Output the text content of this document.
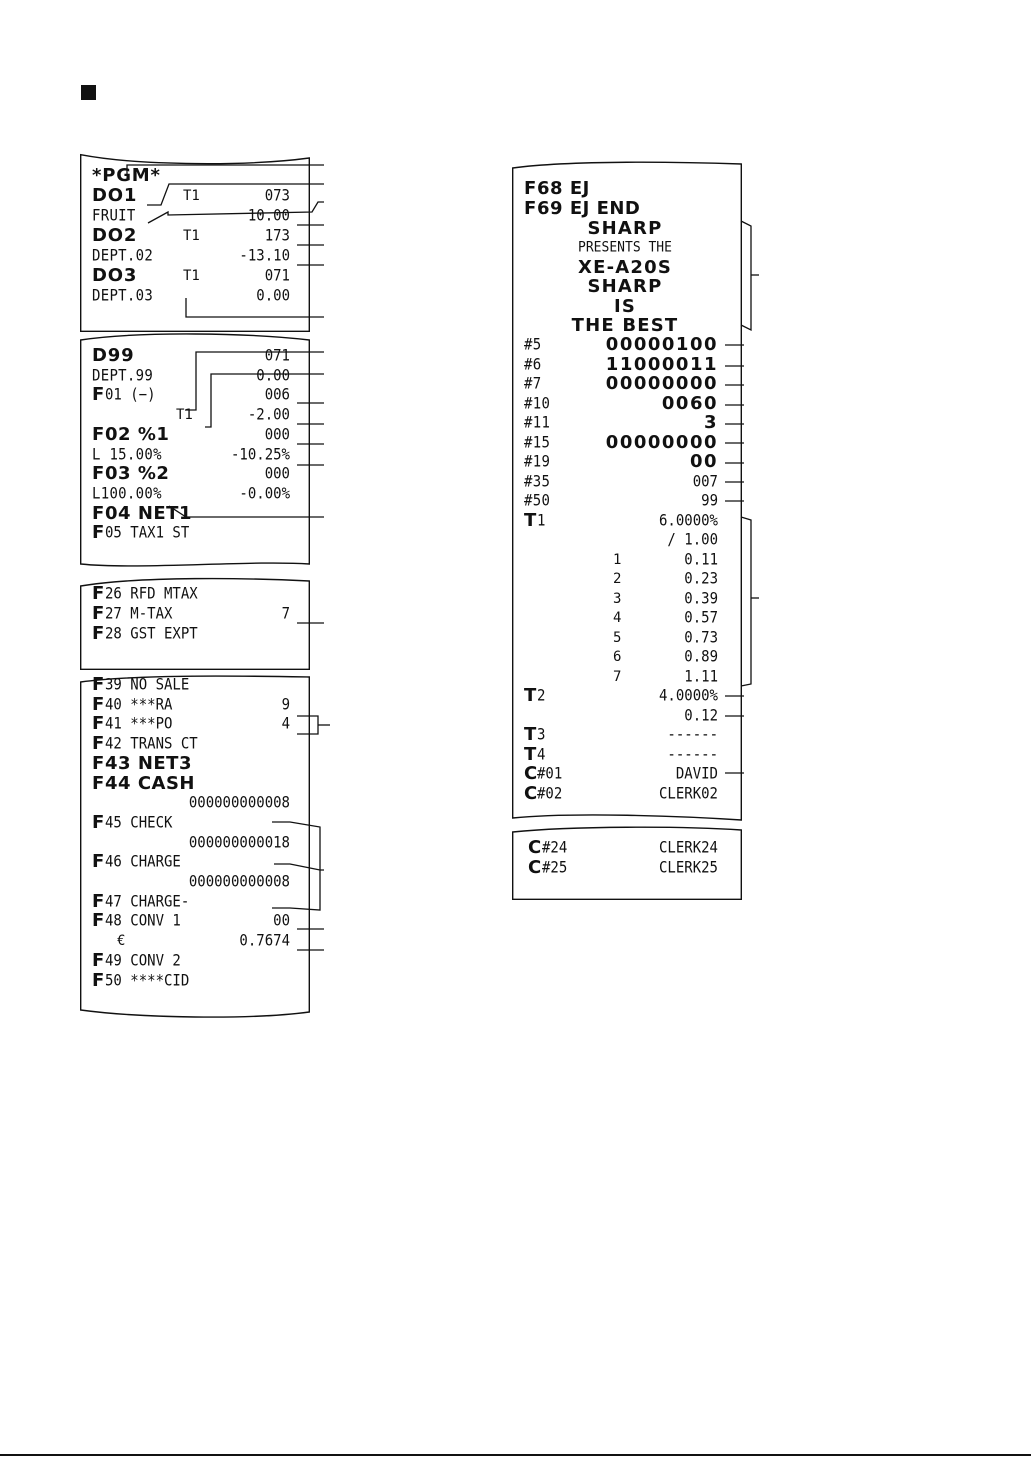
*PGM*
DO1	T1	073
FRUIT	10.00
DO2	T1	173
DEPT.02	-13.10
DO3	T1	071
DEPT.03	0.00
D99	071
DEPT.99	0.00
F 01 (−)	006
T1	-2.00
F 02 %1	000
L 15.00%	-10.25%
F 03 %2	000
L100.00%	-0.00%
F 04 NET1
F 05 TAX1 ST
F 26 RFD MTAX
F 27 M-TAX	7
F 28 GST EXPT
F 39 NO SALE
F 40 ***RA	9
F 41 ***PO	4
F 42 TRANS CT
F 43 NET3
F 44 CASH
000000000008
F 45 CHECK
000000000018
F 46 CHARGE
000000000008
F 47 CHARGE-
F 48 CONV 1	00
€	0.7674
F 49 CONV 2
F 50 ****CID
F 68 EJ
F 69 EJ END
SHARP
PRESENTS THE
XE-A20S
SHARP
IS
THE BEST
#5	00000100
#6	11000011
#7	00000000
#10	0060
#11	3
#15	00000000
#19	00
#35	007
#50	99
T 1	6.0000%
/ 1.00
1	0.11
2	0.23
3	0.39
4	0.57
5	0.73
6	0.89
7	1.11
T 2	4.0000%
0.12
T 3	------
T 4	------
C #01	DAVID
C #02	CLERK02
C #24	CLERK24
C #25	CLERK25
